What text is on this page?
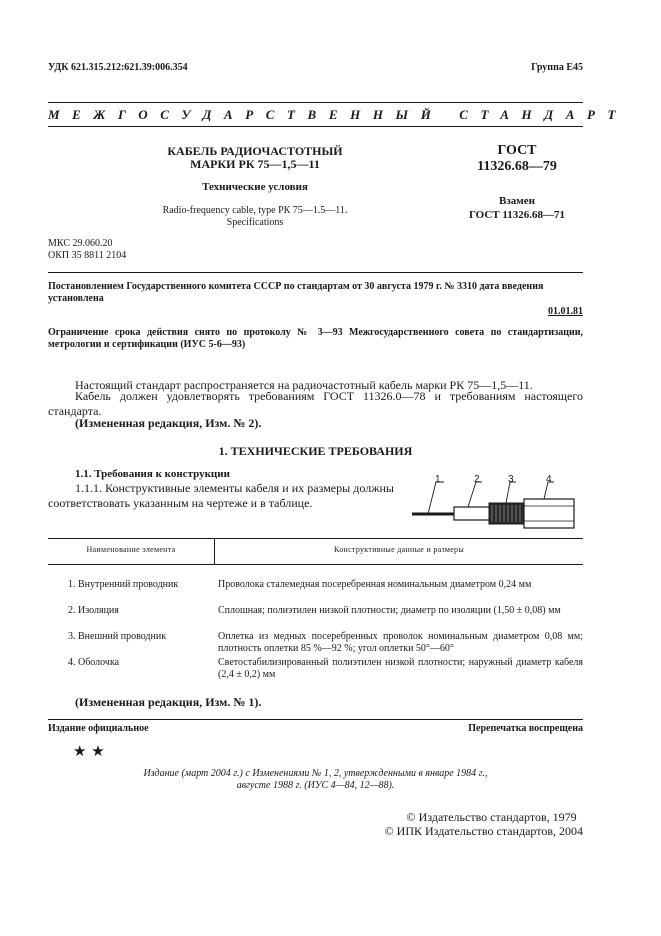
УДК 621.315.212:621.39:006.354	Группа Е45
МЕЖГОСУДАРСТВЕННЫЙ СТАНДАРТ
КАБЕЛЬ РАДИОЧАСТОТНЫЙ
МАРКИ РК 75—1,5—11
Технические условия
Radio-frequency cable, type РК 75—1.5—11.
Specifications
ГОСТ
11326.68—79
Взамен
ГОСТ 11326.68—71
МКС 29.060.20
ОКП 35 8811 2104
Постановлением Государственного комитета СССР по стандартам от 30 августа 1979 г. № 3310 дата введения установлена
01.01.81
Ограничение срока действия снято по протоколу № 3—93 Межгосударственного совета по стандартизации, метрологии и сертификации (ИУС 5-6—93)
Настоящий стандарт распространяется на радиочастотный кабель марки РК 75—1,5—11.
Кабель должен удовлетворять требованиям ГОСТ 11326.0—78 и требованиям настоящего стандарта.
(Измененная редакция, Изм. № 2).
1. ТЕХНИЧЕСКИЕ ТРЕБОВАНИЯ
1.1. Требования к конструкции
1.1.1. Конструктивные элементы кабеля и их размеры должны соответствовать указанным на чертеже и в таблице.
1	2	3	4
Наименование элемента	Конструктивные данные и размеры
1. Внутренний проводник	Проволока сталемедная посеребренная номинальным диаметром 0,24 мм
2. Изоляция	Сплошная; полиэтилен низкой плотности; диаметр по изоляции (1,50 ± 0,08) мм
3. Внешний проводник	Оплетка из медных посеребренных проволок номинальным диаметром 0,08 мм; плотность оплетки 85 %—92 %; угол оплетки 50°—60°
4. Оболочка	Светостабилизированный полиэтилен низкой плотности; наружный диаметр кабеля (2,4 ± 0,2) мм
(Измененная редакция, Изм. № 1).
Издание официальное	Перепечатка воспрещена
★ ★
Издание (март 2004 г.) с Изменениями № 1, 2, утвержденными в январе 1984 г.,
августе 1988 г. (ИУС 4—84, 12—88).
© Издательство стандартов, 1979
© ИПК Издательство стандартов, 2004
